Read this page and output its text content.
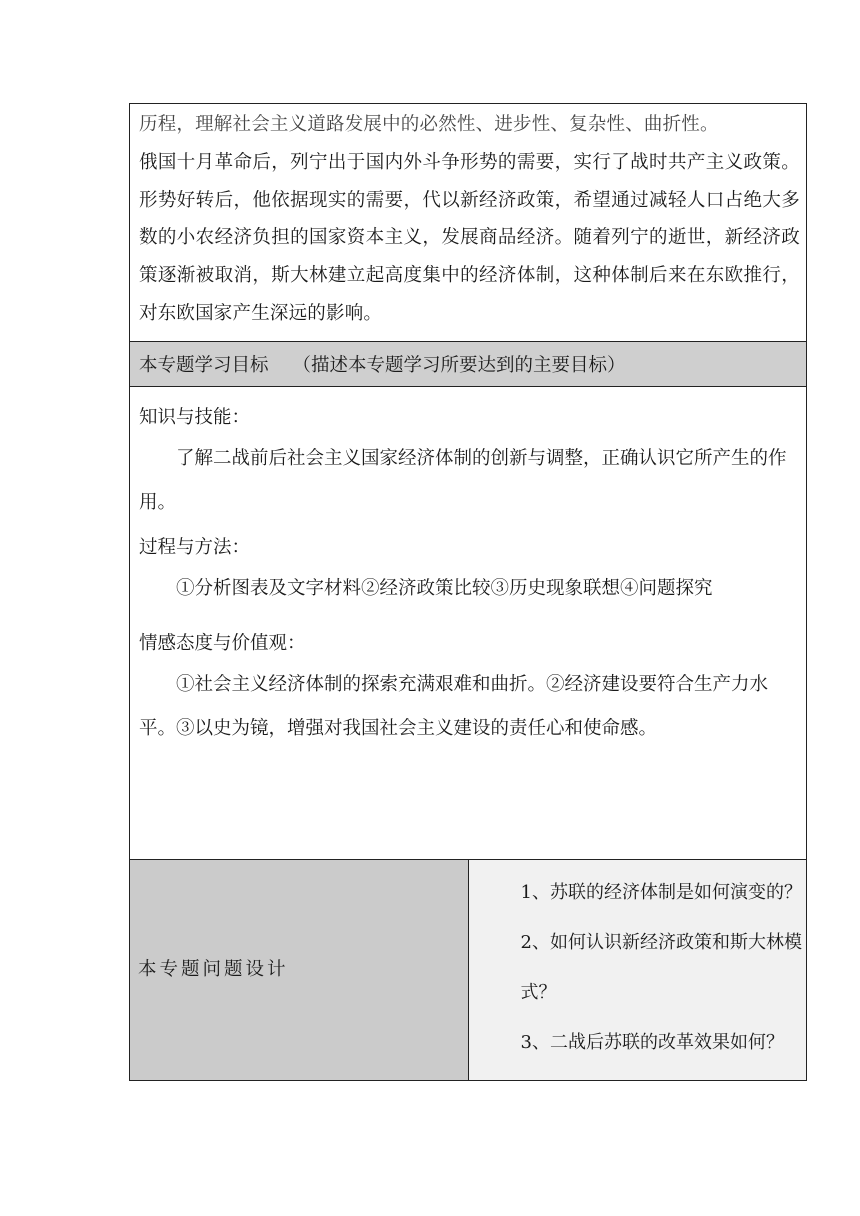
历程，理解社会主义道路发展中的必然性、进步性、复杂性、曲折性。

俄国十月革命后，列宁出于国内外斗争形势的需要，实行了战时共产主义政策。形势好转后，他依据现实的需要，代以新经济政策，希望通过减轻人口占绝大多数的小农经济负担的国家资本主义，发展商品经济。随着列宁的逝世，新经济政策逐渐被取消，斯大林建立起高度集中的经济体制，这种体制后来在东欧推行，对东欧国家产生深远的影响。

本专题学习目标 （描述本专题学习所要达到的主要目标）

知识与技能：

了解二战前后社会主义国家经济体制的创新与调整，正确认识它所产生的作用。

过程与方法：

①分析图表及文字材料②经济政策比较③历史现象联想④问题探究

情感态度与价值观：

①社会主义经济体制的探索充满艰难和曲折。②经济建设要符合生产力水平。③以史为镜，增强对我国社会主义建设的责任心和使命感。

本专题问题设计	

1、苏联的经济体制是如何演变的？

2、如何认识新经济政策和斯大林模式？

3、二战后苏联的改革效果如何？
